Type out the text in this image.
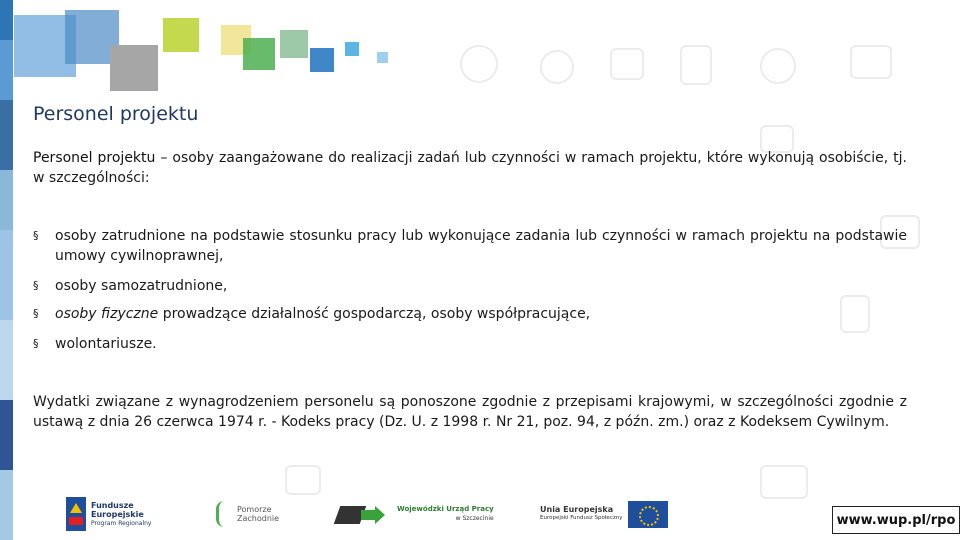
Personel projektu
Personel projektu – osoby zaangażowane do realizacji zadań lub czynności w ramach projektu, które wykonują osobiście, tj. w szczególności:
§ osoby zatrudnione na podstawie stosunku pracy lub wykonujące zadania lub czynności w ramach projektu na podstawie umowy cywilnoprawnej,
§ osoby samozatrudnione,
§ osoby fizyczne prowadzące działalność gospodarczą, osoby współpracujące,
§ wolontariusze.
Wydatki związane z wynagrodzeniem personelu są ponoszone zgodnie z przepisami krajowymi, w szczególności zgodnie z ustawą z dnia 26 czerwca 1974 r. - Kodeks pracy (Dz. U. z 1998 r. Nr 21, poz. 94, z późn. zm.) oraz z Kodeksem Cywilnym.
Fundusze
Europejskie
Program Regionalny
Pomorze
Zachodnie
Wojewódzki Urząd Pracy
w Szczecinie
Unia Europejska
Europejski Fundusz Społeczny	www.wup.pl/rpo
